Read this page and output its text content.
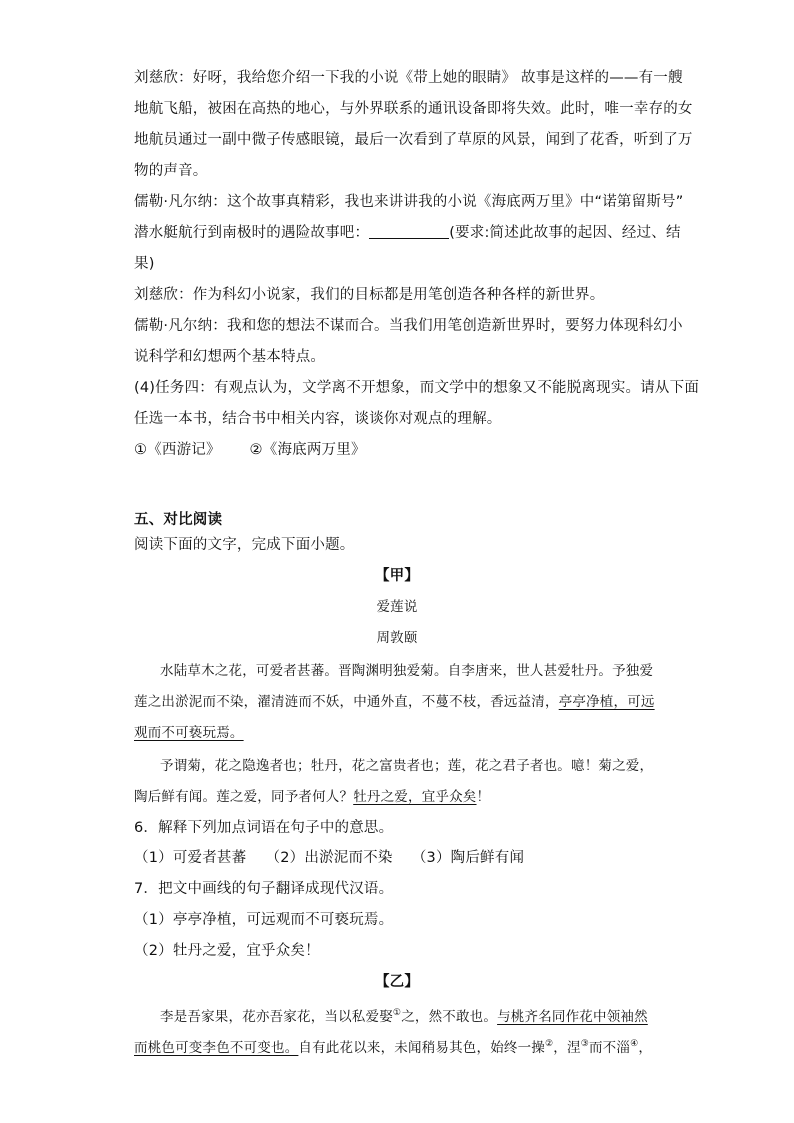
刘慈欣：好呀，我给您介绍一下我的小说《带上她的眼睛》 故事是这样的——有一艘
地航飞船，被困在高热的地心，与外界联系的通讯设备即将失效。此时，唯一幸存的女
地航员通过一副中微子传感眼镜，最后一次看到了草原的风景，闻到了花香，听到了万
物的声音。
儒勒·凡尔纳：这个故事真精彩，我也来讲讲我的小说《海底两万里》中“诺第留斯号”
潜水艇航行到南极时的遇险故事吧：	(要求:简述此故事的起因、经过、结
果)
刘慈欣：作为科幻小说家，我们的目标都是用笔创造各种各样的新世界。
儒勒·凡尔纳：我和您的想法不谋而合。当我们用笔创造新世界时，要努力体现科幻小
说科学和幻想两个基本特点。
(4)任务四：有观点认为，文学离不开想象，而文学中的想象又不能脱离现实。请从下面
任选一本书，结合书中相关内容，谈谈你对观点的理解。
①《西游记》      ②《海底两万里》
五、对比阅读
阅读下面的文字，完成下面小题。
【甲】
爱莲说
周敦颐
水陆草木之花，可爱者甚蕃。晋陶渊明独爱菊。自李唐来，世人甚爱牡丹。予独爱
莲之出淤泥而不染，濯清涟而不妖，中通外直，不蔓不枝，香远益清，亭亭净植，可远
观而不可亵玩焉。
予谓菊，花之隐逸者也；牡丹，花之富贵者也；莲，花之君子者也。噫！菊之爱，
陶后鲜有闻。莲之爱，同予者何人？牡丹之爱，宜乎众矣！
6．解释下列加点词语在句子中的意思。
（1）可爱者甚蕃    （2）出淤泥而不染    （3）陶后鲜有闻
7．把文中画线的句子翻译成现代汉语。
（1）亭亭净植，可远观而不可亵玩焉。
（2）牡丹之爱，宜乎众矣！
【乙】
李是吾家果，花亦吾家花，当以私爱娶①之，然不敢也。与桃齐名同作花中领袖然
而桃色可变李色不可变也。自有此花以来，未闻稍易其色，始终一操②，涅③而不淄④，
